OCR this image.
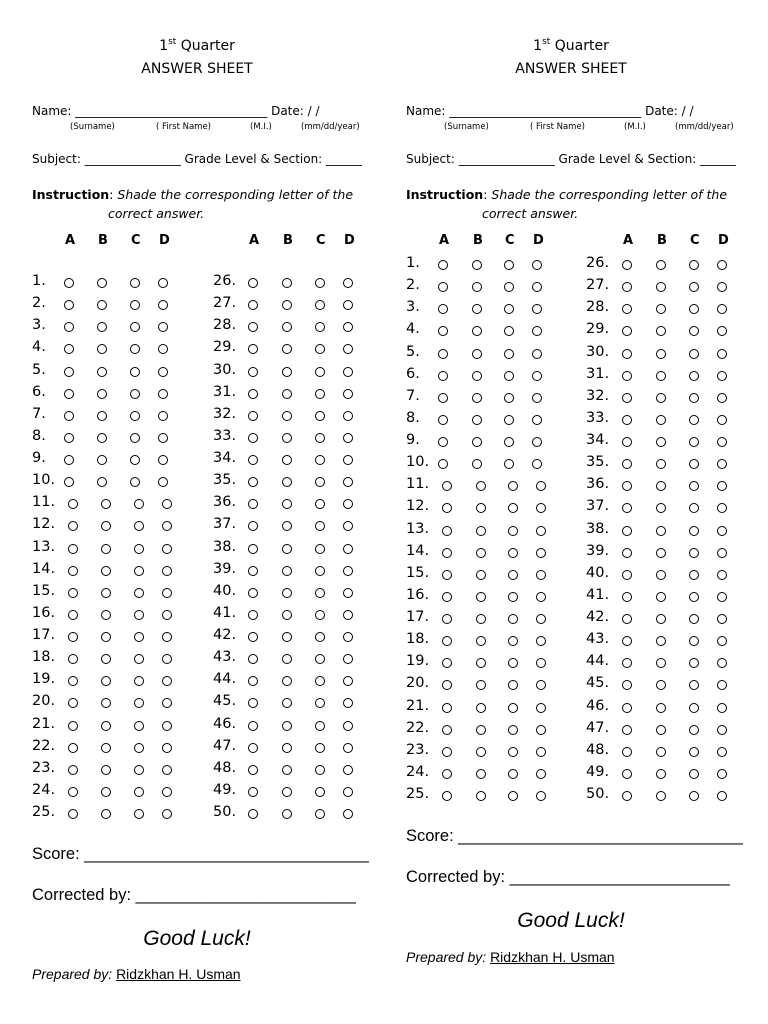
1st Quarter
ANSWER SHEET
Name: ________________________________ Date: / /
(Surname)	( First Name)	(M.I.)	(mm/dd/year)
Subject: ________________ Grade Level & Section: ______
Instruction: Shade the corresponding letter of the
correct answer.
A B C D	A B C D
1.	26.
2.	27.
3.	28.
4.	29.
5.	30.
6.	31.
7.	32.
8.	33.
9.	34.
10.	35.
11.	36.
12.	37.
13.	38.
14.	39.
15.	40.
16.	41.
17.	42.
18.	43.
19.	44.
20.	45.
21.	46.
22.	47.
23.	48.
24.	49.
25.	50.
Score: _______________________________
Corrected by: ________________________
Good Luck!
Prepared by: Ridzkhan H. Usman
1st Quarter
ANSWER SHEET
Name: ________________________________ Date: / /
(Surname)	( First Name)	(M.I.)	(mm/dd/year)
Subject: ________________ Grade Level & Section: ______
Instruction: Shade the corresponding letter of the
correct answer.
A B C D	A B C D
1.	26.
2.	27.
3.	28.
4.	29.
5.	30.
6.	31.
7.	32.
8.	33.
9.	34.
10.	35.
11.	36.
12.	37.
13.	38.
14.	39.
15.	40.
16.	41.
17.	42.
18.	43.
19.	44.
20.	45.
21.	46.
22.	47.
23.	48.
24.	49.
25.	50.
Score: _______________________________
Corrected by: ________________________
Good Luck!
Prepared by: Ridzkhan H. Usman
